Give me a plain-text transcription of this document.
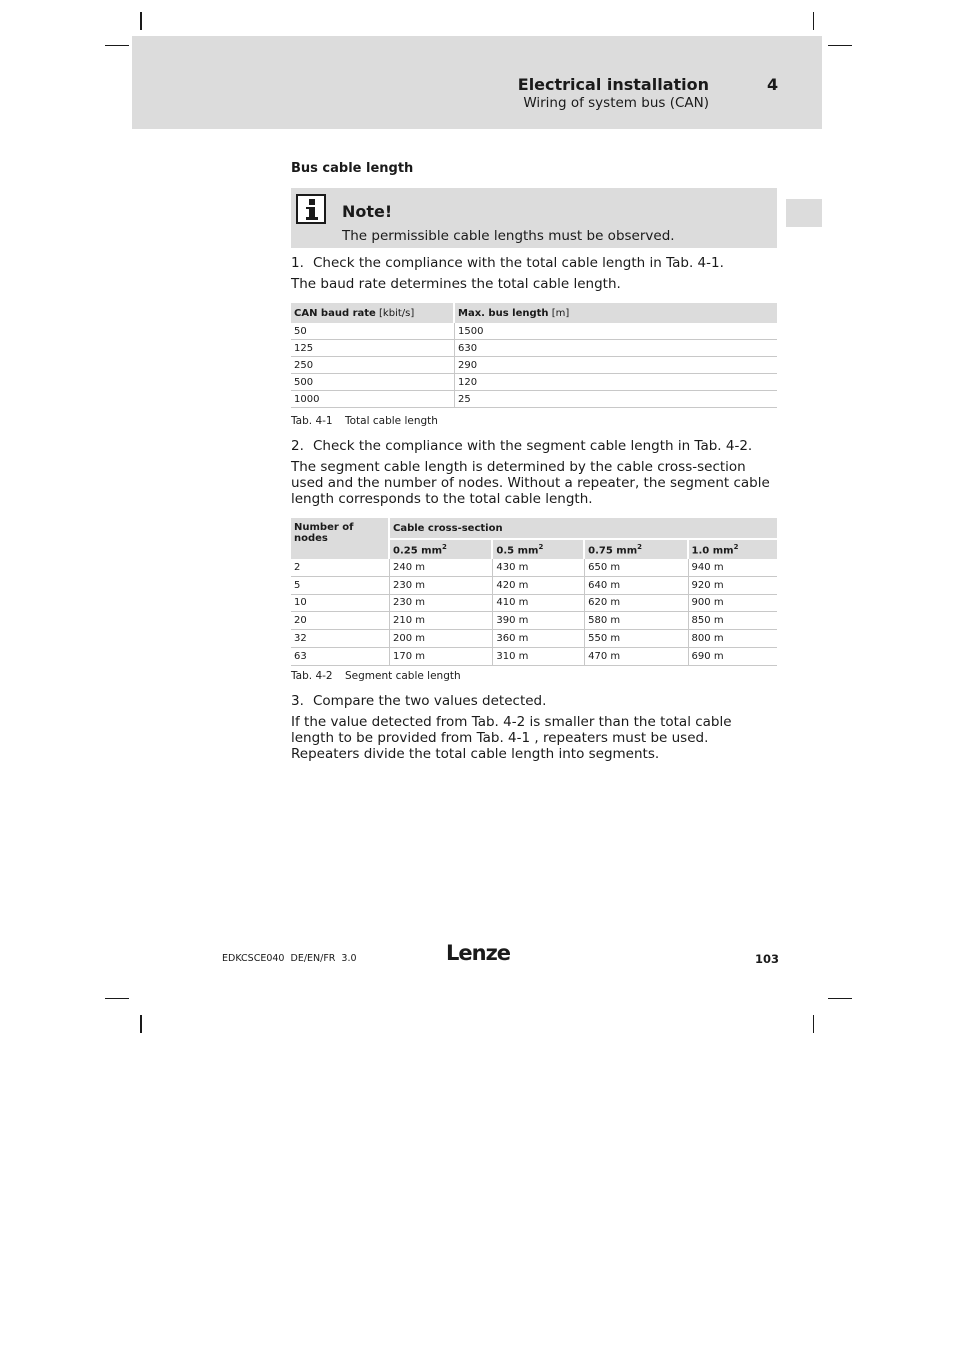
Electrical installation	4
Wiring of system bus (CAN)
Bus cable length
Note!
The permissible cable lengths must be observed.
1. Check the compliance with the total cable length in Tab. 4-1.
The baud rate determines the total cable length.
CAN baud rate [kbit/s]	Max. bus length [m]
50	1500
125	630
250	290
500	120
1000	25
Tab. 4-1 Total cable length
2. Check the compliance with the segment cable length in Tab. 4-2.
The segment cable length is determined by the cable cross-section used and the number of nodes. Without a repeater, the segment cable length corresponds to the total cable length.
Number of nodes	Cable cross-section			
	0.25 $mm^2$	0.5 $mm^2$	0.75 $mm^2$	1.0 $mm^2$
2	240 m	430 m	650 m	940 m
5	230 m	420 m	640 m	920 m
10	230 m	410 m	620 m	900 m
20	210 m	390 m	580 m	850 m
32	200 m	360 m	550 m	800 m
63	170 m	310 m	470 m	690 m
Tab. 4-2 Segment cable length
3. Compare the two values detected.
If the value detected from Tab. 4-2 is smaller than the total cable length to be provided from Tab. 4-1 , repeaters must be used. Repeaters divide the total cable length into segments.
EDKCSCE040  DE/EN/FR  3.0	Lenze	103
